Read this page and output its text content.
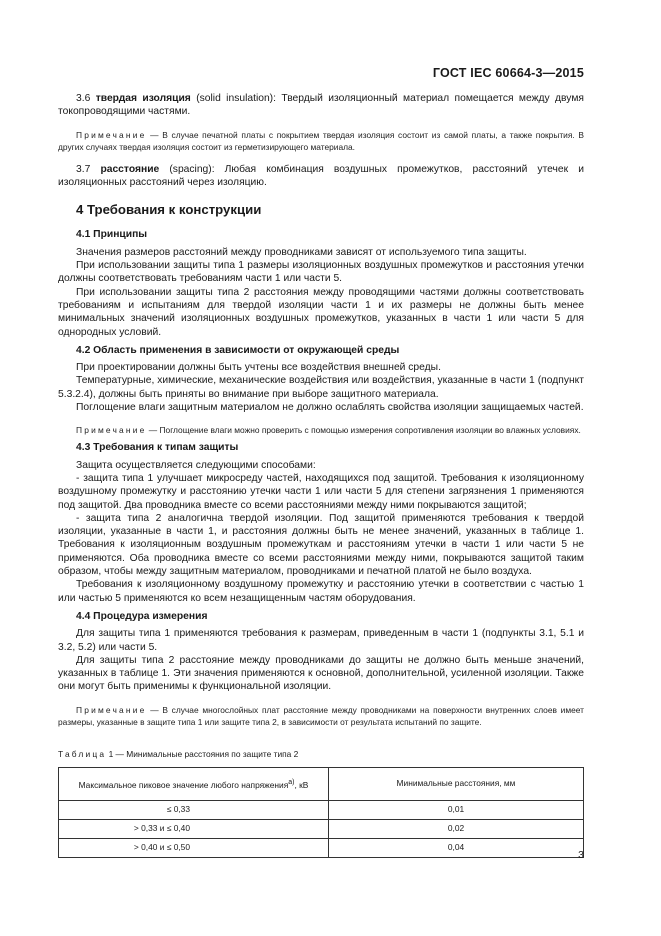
ГОСТ IEC 60664-3—2015

3.6 твердая изоляция (solid insulation): Твердый изоляционный материал помещается между двумя токопроводящими частями.

Примечание — В случае печатной платы с покрытием твердая изоляция состоит из самой платы, а также покрытия. В других случаях твердая изоляция состоит из герметизирующего материала.

3.7 расстояние (spacing): Любая комбинация воздушных промежутков, расстояний утечек и изоляционных расстояний через изоляцию.

4 Требования к конструкции
4.1 Принципы

Значения размеров расстояний между проводниками зависят от используемого типа защиты.

При использовании защиты типа 1 размеры изоляционных воздушных промежутков и расстояния утечки должны соответствовать требованиям части 1 или части 5.

При использовании защиты типа 2 расстояния между проводящими частями должны соответствовать требованиям и испытаниям для твердой изоляции части 1 и их размеры не должны быть менее минимальных значений изоляционных воздушных промежутков, указанных в части 1 или части 5 для однородных условий.

4.2 Область применения в зависимости от окружающей среды

При проектировании должны быть учтены все воздействия внешней среды.

Температурные, химические, механические воздействия или воздействия, указанные в части 1 (подпункт 5.3.2.4), должны быть приняты во внимание при выборе защитного материала.

Поглощение влаги защитным материалом не должно ослаблять свойства изоляции защищаемых частей.

Примечание — Поглощение влаги можно проверить с помощью измерения сопротивления изоляции во влажных условиях.

4.3 Требования к типам защиты

Защита осуществляется следующими способами:

- защита типа 1 улучшает микросреду частей, находящихся под защитой. Требования к изоляционному воздушному промежутку и расстоянию утечки части 1 или части 5 для степени загрязнения 1 применяются под защитой. Два проводника вместе со всеми расстояниями между ними покрываются защитой;

- защита типа 2 аналогична твердой изоляции. Под защитой применяются требования к твердой изоляции, указанные в части 1, и расстояния должны быть не менее значений, указанных в таблице 1. Требования к изоляционным воздушным промежуткам и расстояниям утечки в части 1 или части 5 не применяются. Оба проводника вместе со всеми расстояниями между ними, покрываются защитой таким образом, чтобы между защитным материалом, проводниками и печатной платой не было воздуха.

Требования к изоляционному воздушному промежутку и расстоянию утечки в соответствии с частью 1 или частью 5 применяются ко всем незащищенным частям оборудования.

4.4 Процедура измерения

Для защиты типа 1 применяются требования к размерам, приведенным в части 1 (подпункты 3.1, 5.1 и 3.2, 5.2) или части 5.

Для защиты типа 2 расстояние между проводниками до защиты не должно быть меньше значений, указанных в таблице 1. Эти значения применяются к основной, дополнительной, усиленной изоляции. Также они могут быть применимы к функциональной изоляции.

Примечание — В случае многослойных плат расстояние между проводниками на поверхности внутренних слоев имеет размеры, указанные в защите типа 1 или защите типа 2, в зависимости от результата испытаний по защите.

Таблица 1 — Минимальные расстояния по защите типа 2
Максимальное пиковое значение любого напряжения$^{a)}$, кВ	Минимальные расстояния, мм
≤ 0,33	0,01
> 0,33 и ≤ 0,40	0,02
> 0,40 и ≤ 0,50	0,04
3
